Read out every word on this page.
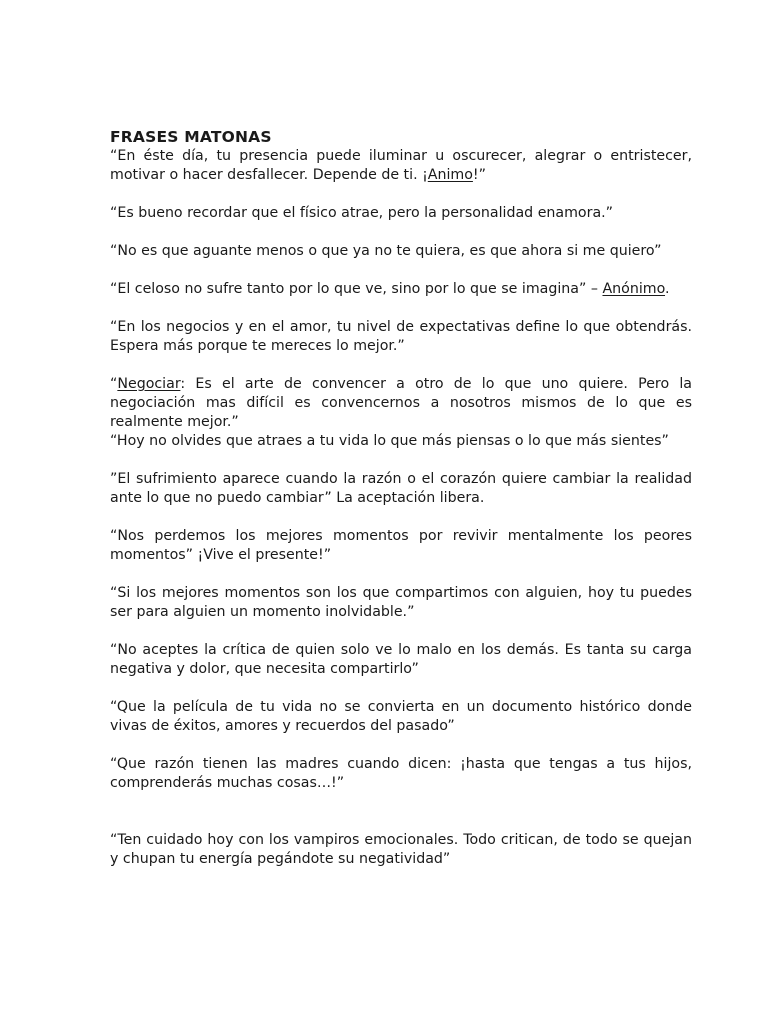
FRASES MATONAS

“En éste día, tu presencia puede iluminar u oscurecer, alegrar o entristecer, motivar o hacer desfallecer. Depende de ti. ¡Animo!”

“Es bueno recordar que el físico atrae, pero la personalidad enamora.”

“No es que aguante menos o que ya no te quiera, es que ahora si me quiero”

“El celoso no sufre tanto por lo que ve, sino por lo que se imagina” – Anónimo.

“En los negocios y en el amor, tu nivel de expectativas define lo que obtendrás. Espera más porque te mereces lo mejor.”

“Negociar: Es el arte de convencer a otro de lo que uno quiere. Pero la negociación mas difícil es convencernos a nosotros mismos de lo que es realmente mejor.”

“Hoy no olvides que atraes a tu vida lo que más piensas o lo que más sientes”

”El sufrimiento aparece cuando la razón o el corazón quiere cambiar la realidad ante lo que no puedo cambiar” La aceptación libera.

“Nos perdemos los mejores momentos por revivir mentalmente los peores momentos” ¡Vive el presente!”

“Si los mejores momentos son los que compartimos con alguien, hoy tu puedes ser para alguien un momento inolvidable.”

“No aceptes la crítica de quien solo ve lo malo en los demás. Es tanta su carga negativa y dolor, que necesita compartirlo”

“Que la película de tu vida no se convierta en un documento histórico donde vivas de éxitos, amores y recuerdos del pasado”

“Que razón tienen las madres cuando dicen: ¡hasta que tengas a tus hijos, comprenderás muchas cosas…!”

“Ten cuidado hoy con los vampiros emocionales. Todo critican, de todo se quejan y chupan tu energía pegándote su negatividad”
